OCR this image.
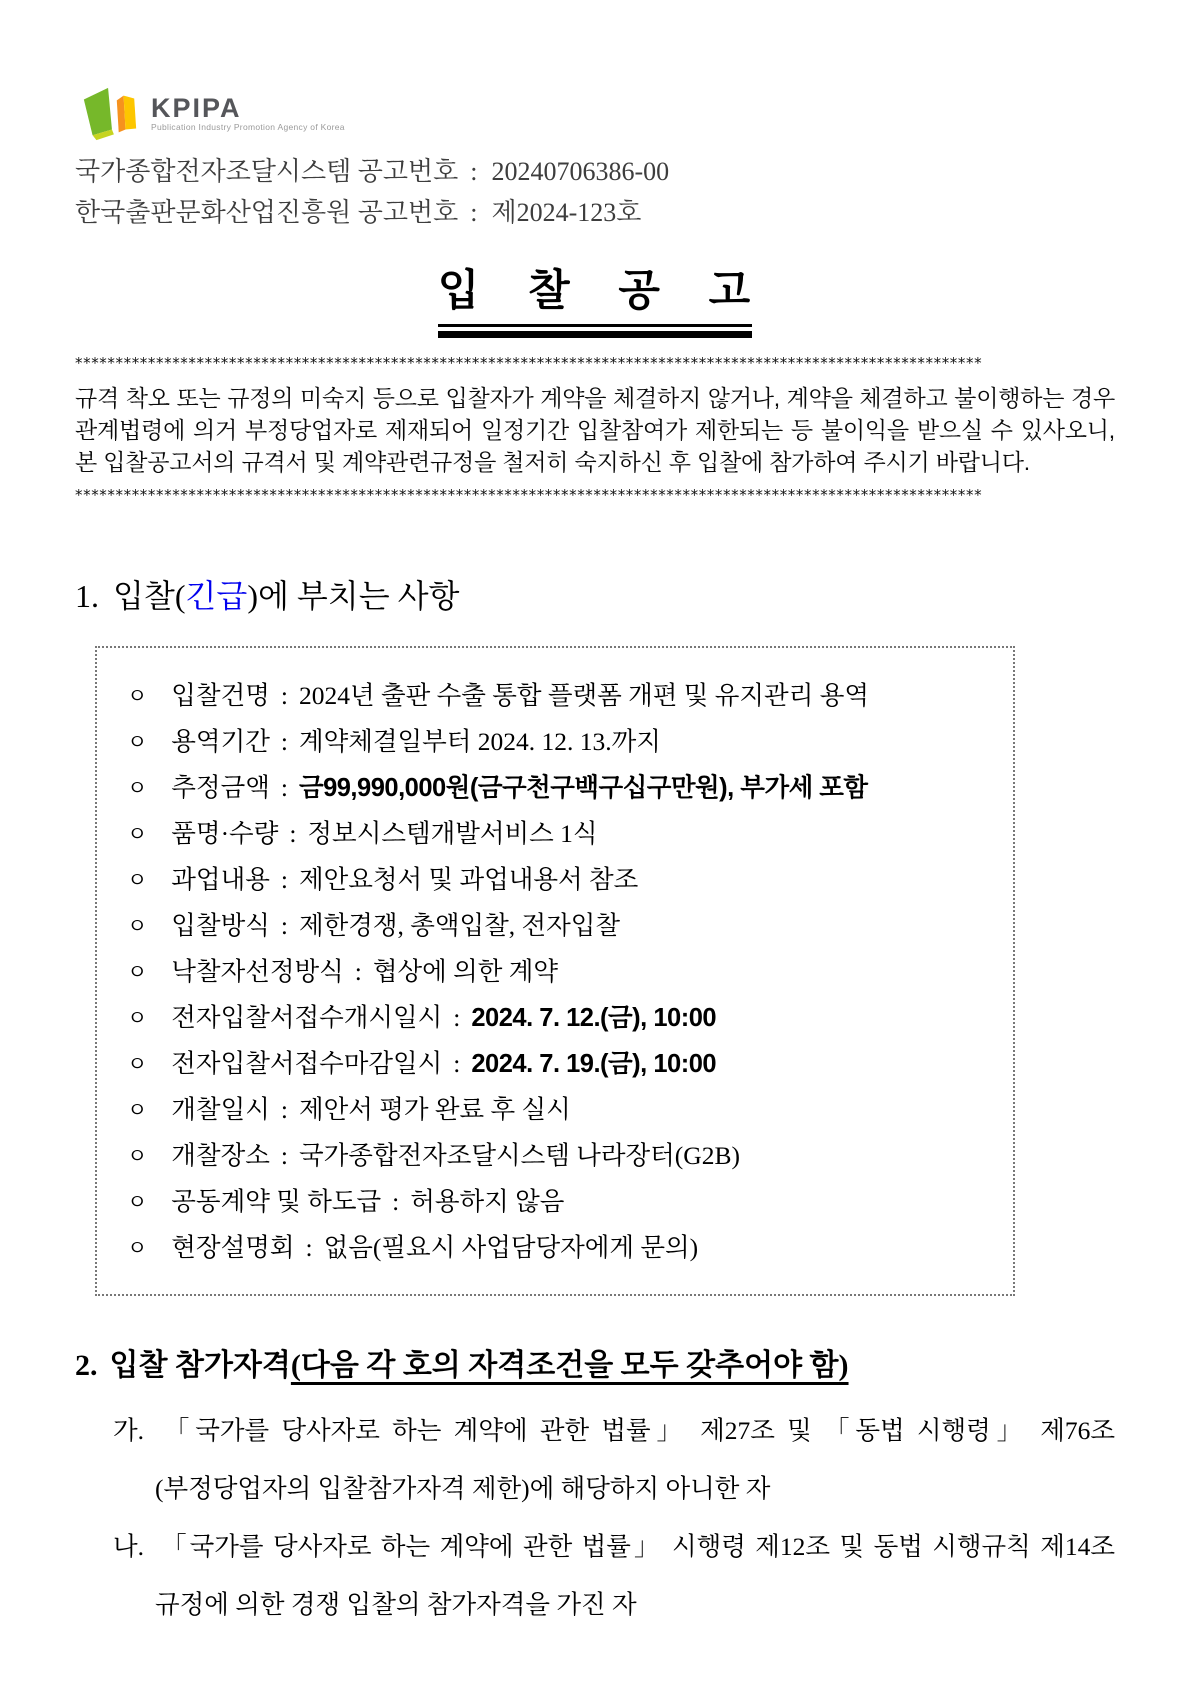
KPIPA
Publication Industry Promotion Agency of Korea
국가종합전자조달시스템 공고번호 : 20240706386-00
한국출판문화산업진흥원 공고번호 : 제2024-123호
입 찰 공 고
****************************************************************************************************************
규격 착오 또는 규정의 미숙지 등으로 입찰자가 계약을 체결하지 않거나, 계약을 체결하고 불이행하는 경우 관계법령에 의거 부정당업자로 제재되어 일정기간 입찰참여가 제한되는 등 불이익을 받으실 수 있사오니, 본 입찰공고서의 규격서 및 계약관련규정을 철저히 숙지하신 후 입찰에 참가하여 주시기 바랍니다.
****************************************************************************************************************
1. 입찰(긴급)에 부치는 사항
ㅇ 입찰건명 : 2024년 출판 수출 통합 플랫폼 개편 및 유지관리 용역
ㅇ 용역기간 : 계약체결일부터 2024. 12. 13.까지
ㅇ 추정금액 : 금99,990,000원(금구천구백구십구만원), 부가세 포함
ㅇ 품명·수량 : 정보시스템개발서비스 1식
ㅇ 과업내용 : 제안요청서 및 과업내용서 참조
ㅇ 입찰방식 : 제한경쟁, 총액입찰, 전자입찰
ㅇ 낙찰자선정방식 : 협상에 의한 계약
ㅇ 전자입찰서접수개시일시 : 2024. 7. 12.(금), 10:00
ㅇ 전자입찰서접수마감일시 : 2024. 7. 19.(금), 10:00
ㅇ 개찰일시 : 제안서 평가 완료 후 실시
ㅇ 개찰장소 : 국가종합전자조달시스템 나라장터(G2B)
ㅇ 공동계약 및 하도급 : 허용하지 않음
ㅇ 현장설명회 : 없음(필요시 사업담당자에게 문의)
2. 입찰 참가자격(다음 각 호의 자격조건을 모두 갖추어야 함)
가. 「국가를 당사자로 하는 계약에 관한 법률」 제27조 및 「동법 시행령」 제76조(부정당업자의 입찰참가자격 제한)에 해당하지 아니한 자
나. 「국가를 당사자로 하는 계약에 관한 법률」 시행령 제12조 및 동법 시행규칙 제14조 규정에 의한 경쟁 입찰의 참가자격을 가진 자
